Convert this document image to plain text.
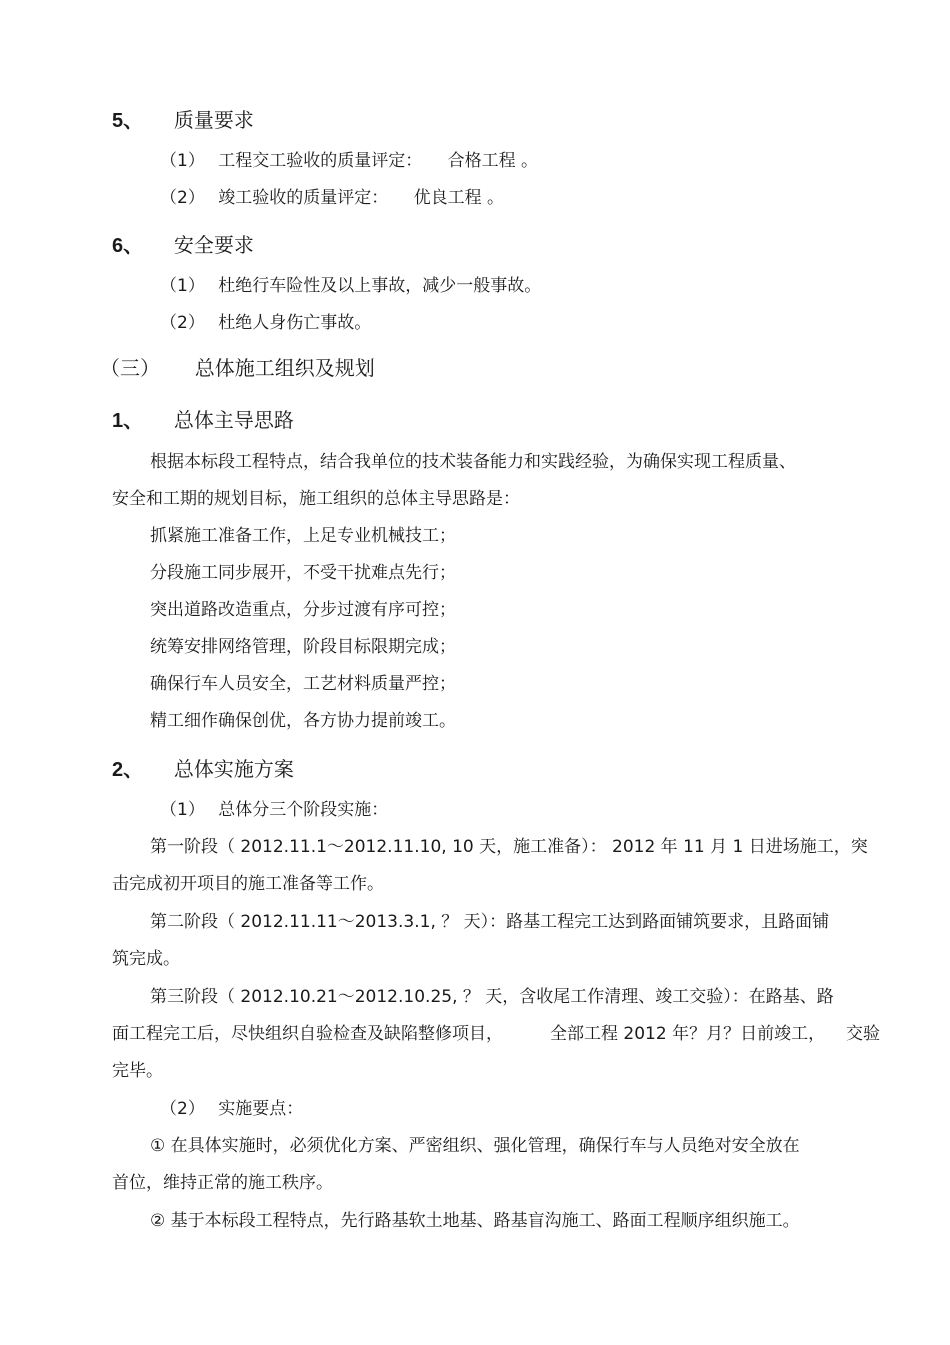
5、 质量要求
（1） 工程交工验收的质量评定： 合格工程 。
（2） 竣工验收的质量评定： 优良工程 。
6、 安全要求
（1） 杜绝行车险性及以上事故，减少一般事故。
（2） 杜绝人身伤亡事故。
（三） 总体施工组织及规划
1、 总体主导思路
根据本标段工程特点，结合我单位的技术装备能力和实践经验，为确保实现工程质量、
安全和工期的规划目标，施工组织的总体主导思路是：
抓紧施工准备工作，上足专业机械技工；
分段施工同步展开，不受干扰难点先行；
突出道路改造重点，分步过渡有序可控；
统筹安排网络管理，阶段目标限期完成；
确保行车人员安全，工艺材料质量严控；
精工细作确保创优，各方协力提前竣工。
2、 总体实施方案
（1） 总体分三个阶段实施：
第一阶段（ 2012.11.1～2012.11.10, 10 天，施工准备）： 2012 年 11 月 1 日进场施工，突
击完成初开项目的施工准备等工作。
第二阶段（ 2012.11.11～2013.3.1, ？ 天）：路基工程完工达到路面铺筑要求，且路面铺
筑完成。
第三阶段（ 2012.10.21～2012.10.25, ？ 天，含收尾工作清理、竣工交验）：在路基、路
面工程完工后，尽快组织自验检查及缺陷整修项目，	全部工程 2012 年？月？日前竣工， 交验
完毕。
（2） 实施要点：
① 在具体实施时，必须优化方案、严密组织、强化管理，确保行车与人员绝对安全放在
首位，维持正常的施工秩序。
② 基于本标段工程特点，先行路基软土地基、路基盲沟施工、路面工程顺序组织施工。
